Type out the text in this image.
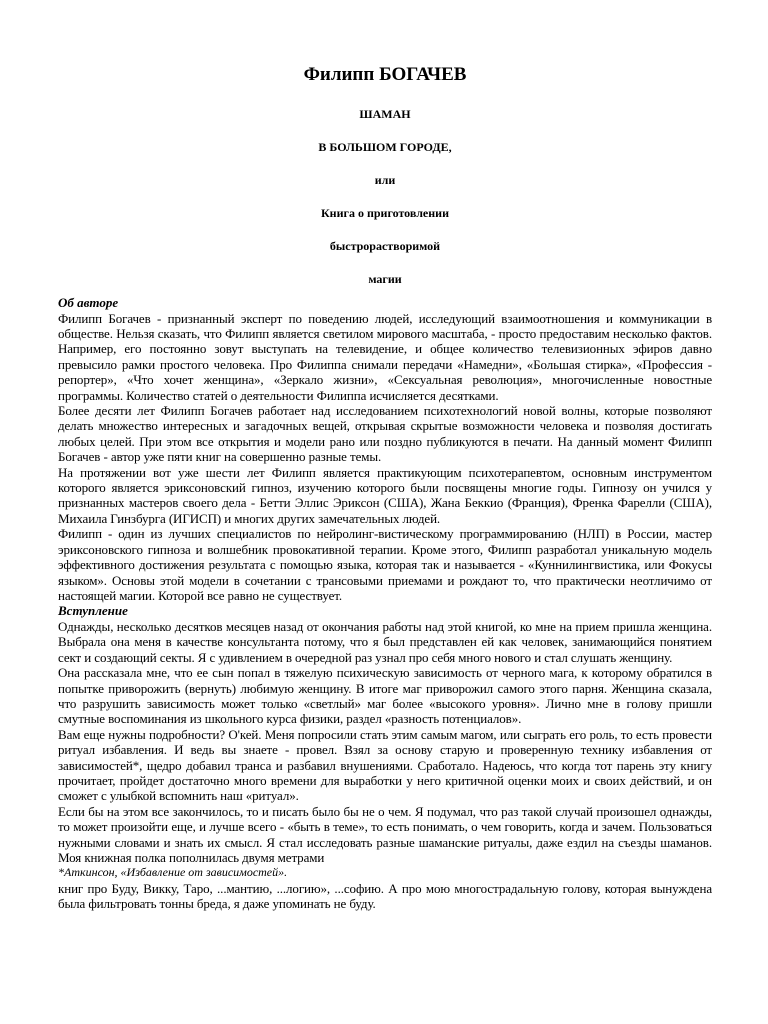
Филипп БОГАЧЕВ
ШАМАН
В БОЛЬШОМ ГОРОДЕ,
или
Книга о приготовлении
быстрорастворимой
магии
Об авторе

Филипп Богачев - признанный эксперт по поведению людей, исследующий взаимоотношения и коммуникации в обществе. Нельзя сказать, что Филипп является светилом мирового масштаба, - просто предоставим несколько фактов. Например, его постоянно зовут выступать на телевидение, и общее количество телевизионных эфиров давно превысило рамки простого человека. Про Филиппа снимали передачи «Намедни», «Большая стирка», «Профессия - репортер», «Что хочет женщина», «Зеркало жизни», «Сексуальная революция», многочисленные новостные программы. Количество статей о деятельности Филиппа исчисляется десятками.

Более десяти лет Филипп Богачев работает над исследованием психотехнологий новой волны, которые позволяют делать множество интересных и загадочных вещей, открывая скрытые возможности человека и позволяя достигать любых целей. При этом все открытия и модели рано или поздно публикуются в печати. На данный момент Филипп Богачев - автор уже пяти книг на совершенно разные темы.

На протяжении вот уже шести лет Филипп является практикующим психотерапевтом, основным инструментом которого является эриксоновский гипноз, изучению которого были посвящены многие годы. Гипнозу он учился у признанных мастеров своего дела - Бетти Эллис Эриксон (США), Жана Беккио (Франция), Френка Фарелли (США), Михаила Гинзбурга (ИГИСП) и многих других замечательных людей.

Филипп - один из лучших специалистов по нейролинг-вистическому программированию (НЛП) в России, мастер эриксоновского гипноза и волшебник провокативной терапии. Кроме этого, Филипп разработал уникальную модель эффективного достижения результата с помощью языка, которая так и называется - «Куннилингвистика, или Фокусы языком». Основы этой модели в сочетании с трансовыми приемами и рождают то, что практически неотличимо от настоящей магии. Которой все равно не существует.

Вступление

Однажды, несколько десятков месяцев назад от окончания работы над этой книгой, ко мне на прием пришла женщина. Выбрала она меня в качестве консультанта потому, что я был представлен ей как человек, занимающийся понятием сект и создающий секты. Я с удивлением в очередной раз узнал про себя много нового и стал слушать женщину.

Она рассказала мне, что ее сын попал в тяжелую психическую зависимость от черного мага, к которому обратился в попытке приворожить (вернуть) любимую женщину. В итоге маг приворожил самого этого парня. Женщина сказала, что разрушить зависимость может только «светлый» маг более «высокого уровня». Лично мне в голову пришли смутные воспоминания из школьного курса физики, раздел «разность потенциалов».

Вам еще нужны подробности? О'кей. Меня попросили стать этим самым магом, или сыграть его роль, то есть провести ритуал избавления. И ведь вы знаете - провел. Взял за основу старую и проверенную технику избавления от зависимостей*, щедро добавил транса и разбавил внушениями. Сработало. Надеюсь, что когда тот парень эту книгу прочитает, пройдет достаточно много времени для выработки у него критичной оценки моих и своих действий, и он сможет с улыбкой вспомнить наш «ритуал».

Если бы на этом все закончилось, то и писать было бы не о чем. Я подумал, что раз такой случай произошел однажды, то может произойти еще, и лучше всего - «быть в теме», то есть понимать, о чем говорить, когда и зачем. Пользоваться нужными словами и знать их смысл. Я стал исследовать разные шаманские ритуалы, даже ездил на съезды шаманов. Моя книжная полка пополнилась двумя метрами

*Аткинсон, «Избавление от зависимостей».

книг про Буду, Викку, Таро, ...мантию, ...логию», ...софию. А про мою многострадальную голову, которая вынуждена была фильтровать тонны бреда, я даже упоминать не буду.
